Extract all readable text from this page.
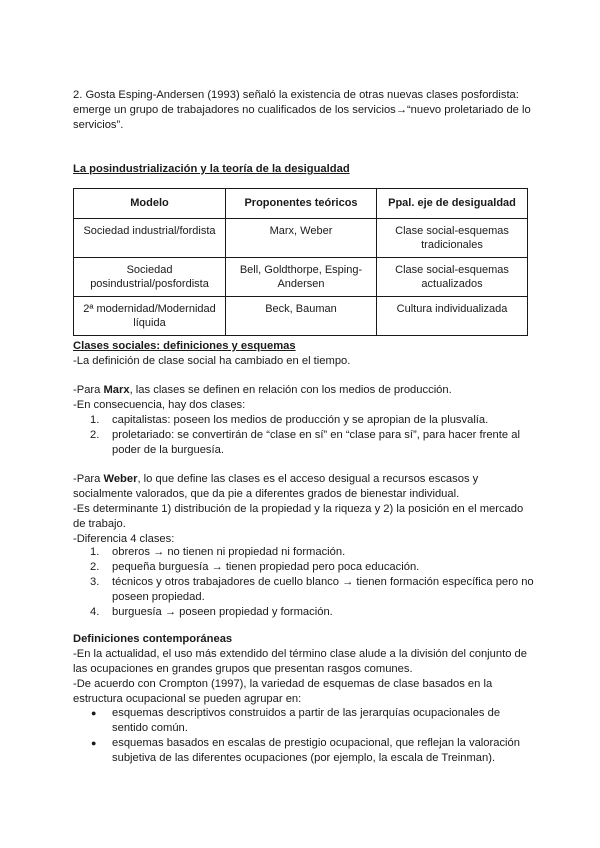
2. Gosta Esping-Andersen (1993) señaló la existencia de otras nuevas clases posfordista:

emerge un grupo de trabajadores no cualificados de los servicios→“nuevo proletariado de lo

servicios”.

La posindustrialización y la teoría de la desigualdad
Modelo	Proponentes teóricos	Ppal. eje de desigualdad
Sociedad industrial/fordista	Marx, Weber	Clase social-esquemas tradicionales
Sociedad posindustrial/posfordista	Bell, Goldthorpe, Esping-Andersen	Clase social-esquemas actualizados
2ª modernidad/Modernidad líquida	Beck, Bauman	Cultura individualizada
Clases sociales: definiciones y esquemas
-La definición de clase social ha cambiado en el tiempo.

-Para Marx, las clases se definen en relación con los medios de producción.

-En consecuencia, hay dos clases:

1. capitalistas: poseen los medios de producción y se apropian de la plusvalía.
2. proletariado: se convertirán de “clase en sí” en “clase para sí”, para hacer frente al
poder de la burguesía.

-Para Weber, lo que define las clases es el acceso desigual a recursos escasos y

socialmente valorados, que da pie a diferentes grados de bienestar individual.

-Es determinante 1) distribución de la propiedad y la riqueza y 2) la posición en el mercado

de trabajo.

-Diferencia 4 clases:

1. obreros → no tienen ni propiedad ni formación.
2. pequeña burguesía → tienen propiedad pero poca educación.
3. técnicos y otros trabajadores de cuello blanco → tienen formación específica pero no
poseen propiedad.
4. burguesía → poseen propiedad y formación.
Definiciones contemporáneas

-En la actualidad, el uso más extendido del término clase alude a la división del conjunto de

las ocupaciones en grandes grupos que presentan rasgos comunes.

-De acuerdo con Crompton (1997), la variedad de esquemas de clase basados en la

estructura ocupacional se pueden agrupar en:

● esquemas descriptivos construidos a partir de las jerarquías ocupacionales de
sentido común.
● esquemas basados en escalas de prestigio ocupacional, que reflejan la valoración
subjetiva de las diferentes ocupaciones (por ejemplo, la escala de Treinman).
